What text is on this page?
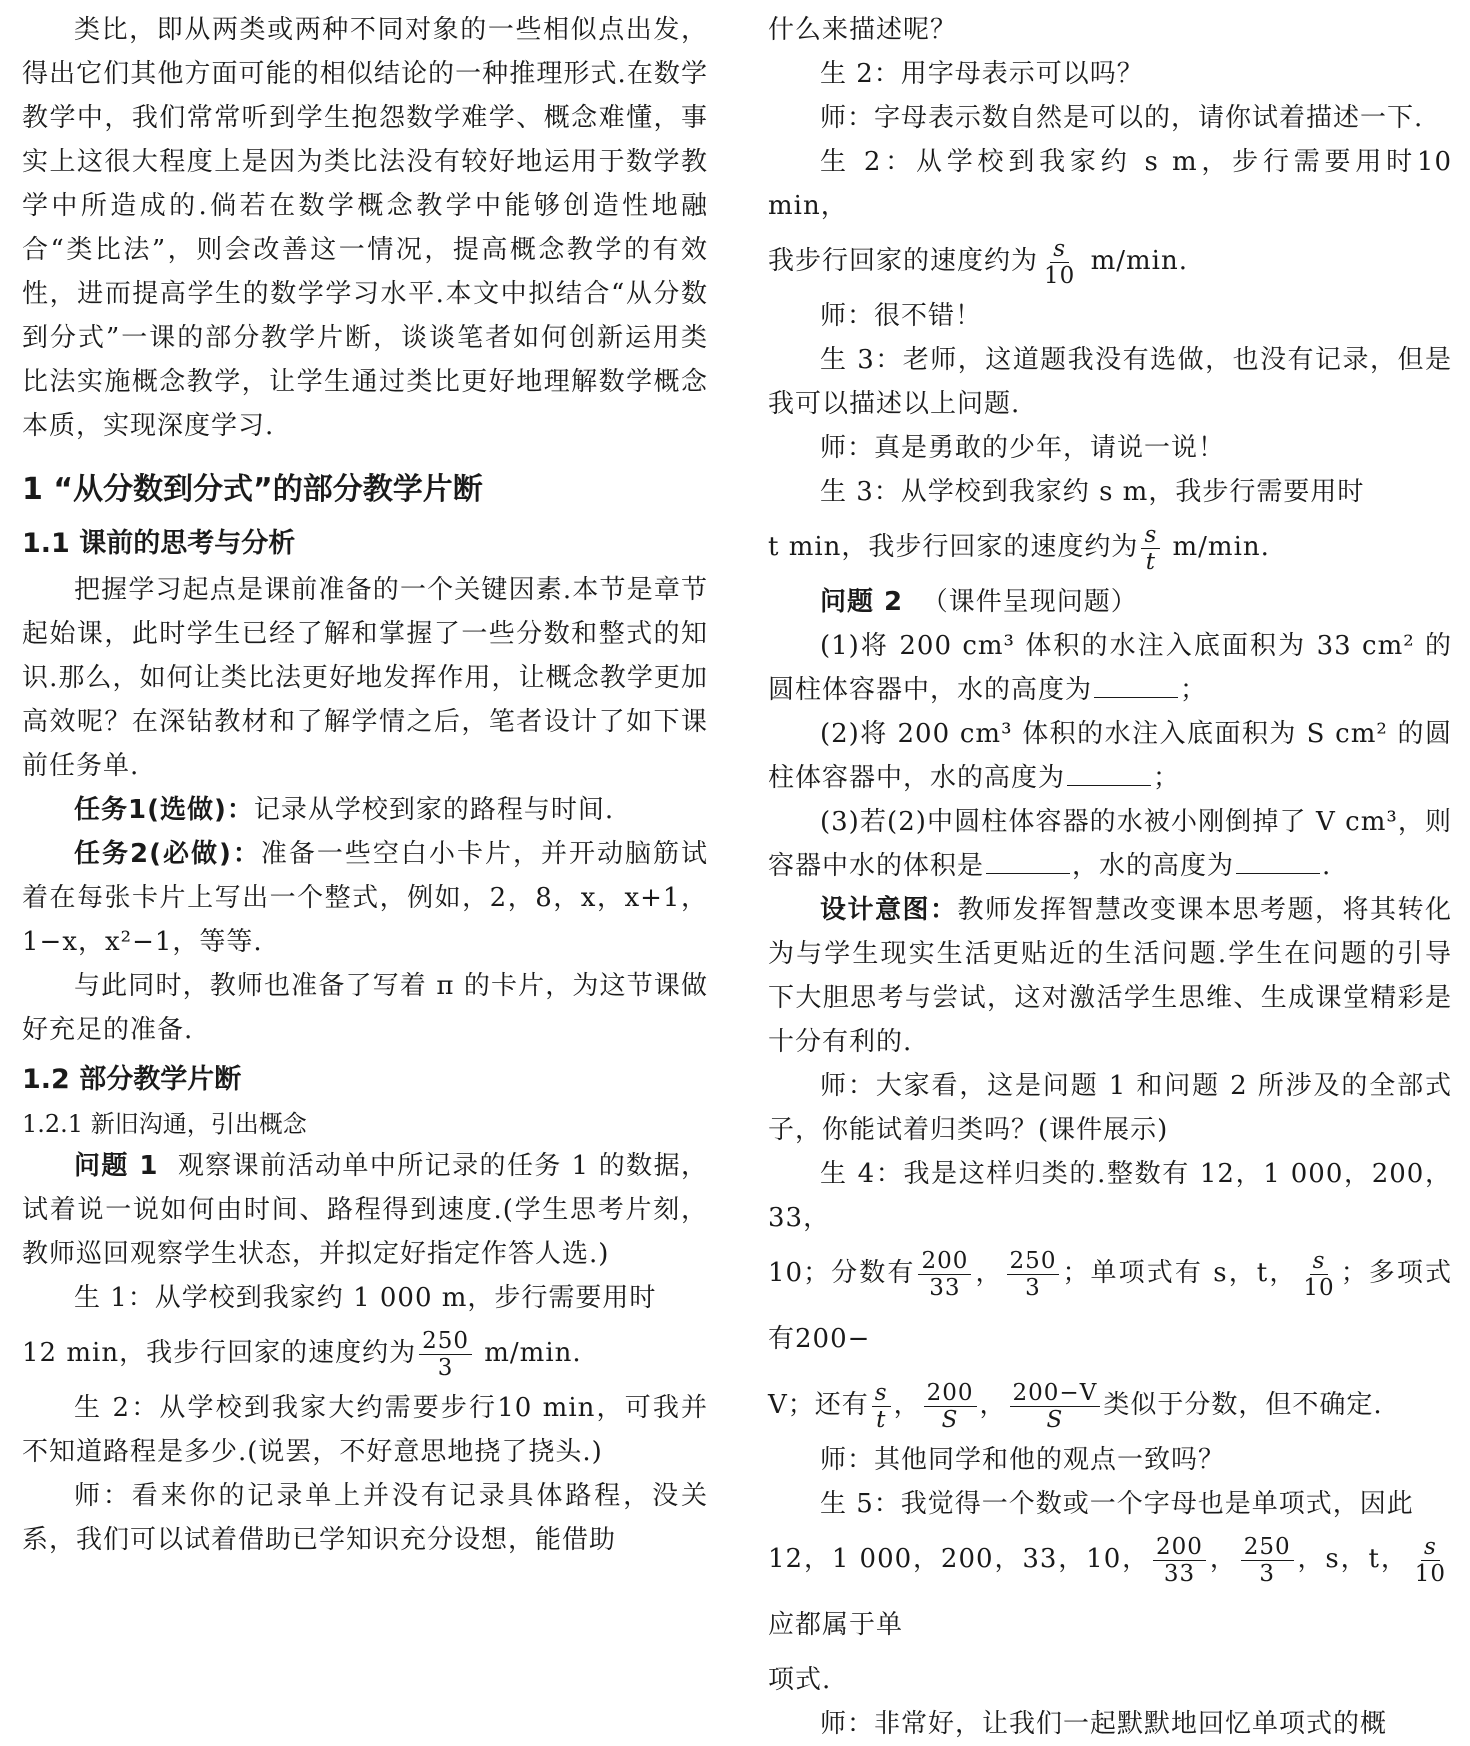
类比，即从两类或两种不同对象的一些相似点出发，得出它们其他方面可能的相似结论的一种推理形式.在数学教学中，我们常常听到学生抱怨数学难学、概念难懂，事实上这很大程度上是因为类比法没有较好地运用于数学教学中所造成的.倘若在数学概念教学中能够创造性地融合“类比法”，则会改善这一情况，提高概念教学的有效性，进而提高学生的数学学习水平.本文中拟结合“从分数到分式”一课的部分教学片断，谈谈笔者如何创新运用类比法实施概念教学，让学生通过类比更好地理解数学概念本质，实现深度学习.

1 “从分数到分式”的部分教学片断
1.1 课前的思考与分析

把握学习起点是课前准备的一个关键因素.本节是章节起始课，此时学生已经了解和掌握了一些分数和整式的知识.那么，如何让类比法更好地发挥作用，让概念教学更加高效呢？在深钻教材和了解学情之后，笔者设计了如下课前任务单.

任务1(选做)：记录从学校到家的路程与时间.

任务2(必做)：准备一些空白小卡片，并开动脑筋试着在每张卡片上写出一个整式，例如，2，8，x，x+1，1−x，x²−1，等等.

与此同时，教师也准备了写着 π 的卡片，为这节课做好充足的准备.

1.2 部分教学片断
1.2.1 新旧沟通，引出概念

问题 1 观察课前活动单中所记录的任务 1 的数据，试着说一说如何由时间、路程得到速度.(学生思考片刻，教师巡回观察学生状态，并拟定好指定作答人选.)

生 1：从学校到我家约 1 000 m，步行需要用时

12 min，我步行回家的速度约为 $\frac{250}{3} m/\min$.

生 2：从学校到我家大约需要步行10 min，可我并不知道路程是多少.(说罢，不好意思地挠了挠头.)

师：看来你的记录单上并没有记录具体路程，没关系，我们可以试着借助已学知识充分设想，能借助

什么来描述呢？

生 2：用字母表示可以吗？

师：字母表示数自然是可以的，请你试着描述一下.

生 2：从学校到我家约 s m，步行需要用时10 min，

我步行回家的速度约为 $\frac{s}{10} m/\min$.

师：很不错！

生 3：老师，这道题我没有选做，也没有记录，但是我可以描述以上问题.

师：真是勇敢的少年，请说一说！

生 3：从学校到我家约 s m，我步行需要用时

t min，我步行回家的速度约为 $\frac{s}{t} m/\min$.

问题 2 （课件呈现问题）

(1)将 200 cm³ 体积的水注入底面积为 33 cm² 的圆柱体容器中，水的高度为	；

(2)将 200 cm³ 体积的水注入底面积为 S cm² 的圆柱体容器中，水的高度为	；

(3)若(2)中圆柱体容器的水被小刚倒掉了 V cm³，则容器中水的体积是	，水的高度为	.

设计意图：教师发挥智慧改变课本思考题，将其转化为与学生现实生活更贴近的生活问题.学生在问题的引导下大胆思考与尝试，这对激活学生思维、生成课堂精彩是十分有利的.

师：大家看，这是问题 1 和问题 2 所涉及的全部式子，你能试着归类吗？(课件展示)

生 4：我是这样归类的.整数有 12，1 000，200，33，

10；分数有 $\frac{200}{33}$ ， $\frac{250}{3}$ ；单项式有 s，t， $\frac{s}{10}$ ；多项式有200−

V；还有 $\frac{s}{t}$ ， $\frac{200}{S}$ ， $\frac{200-V}{S}$ 类似于分数，但不确定.

师：其他同学和他的观点一致吗？

生 5：我觉得一个数或一个字母也是单项式，因此

12，1 000，200，33，10， $\frac{200}{33}$ ， $\frac{250}{3}$ ，s，t， $\frac{s}{10}$
应都属于单

项式.

师：非常好，让我们一起默默地回忆单项式的概
